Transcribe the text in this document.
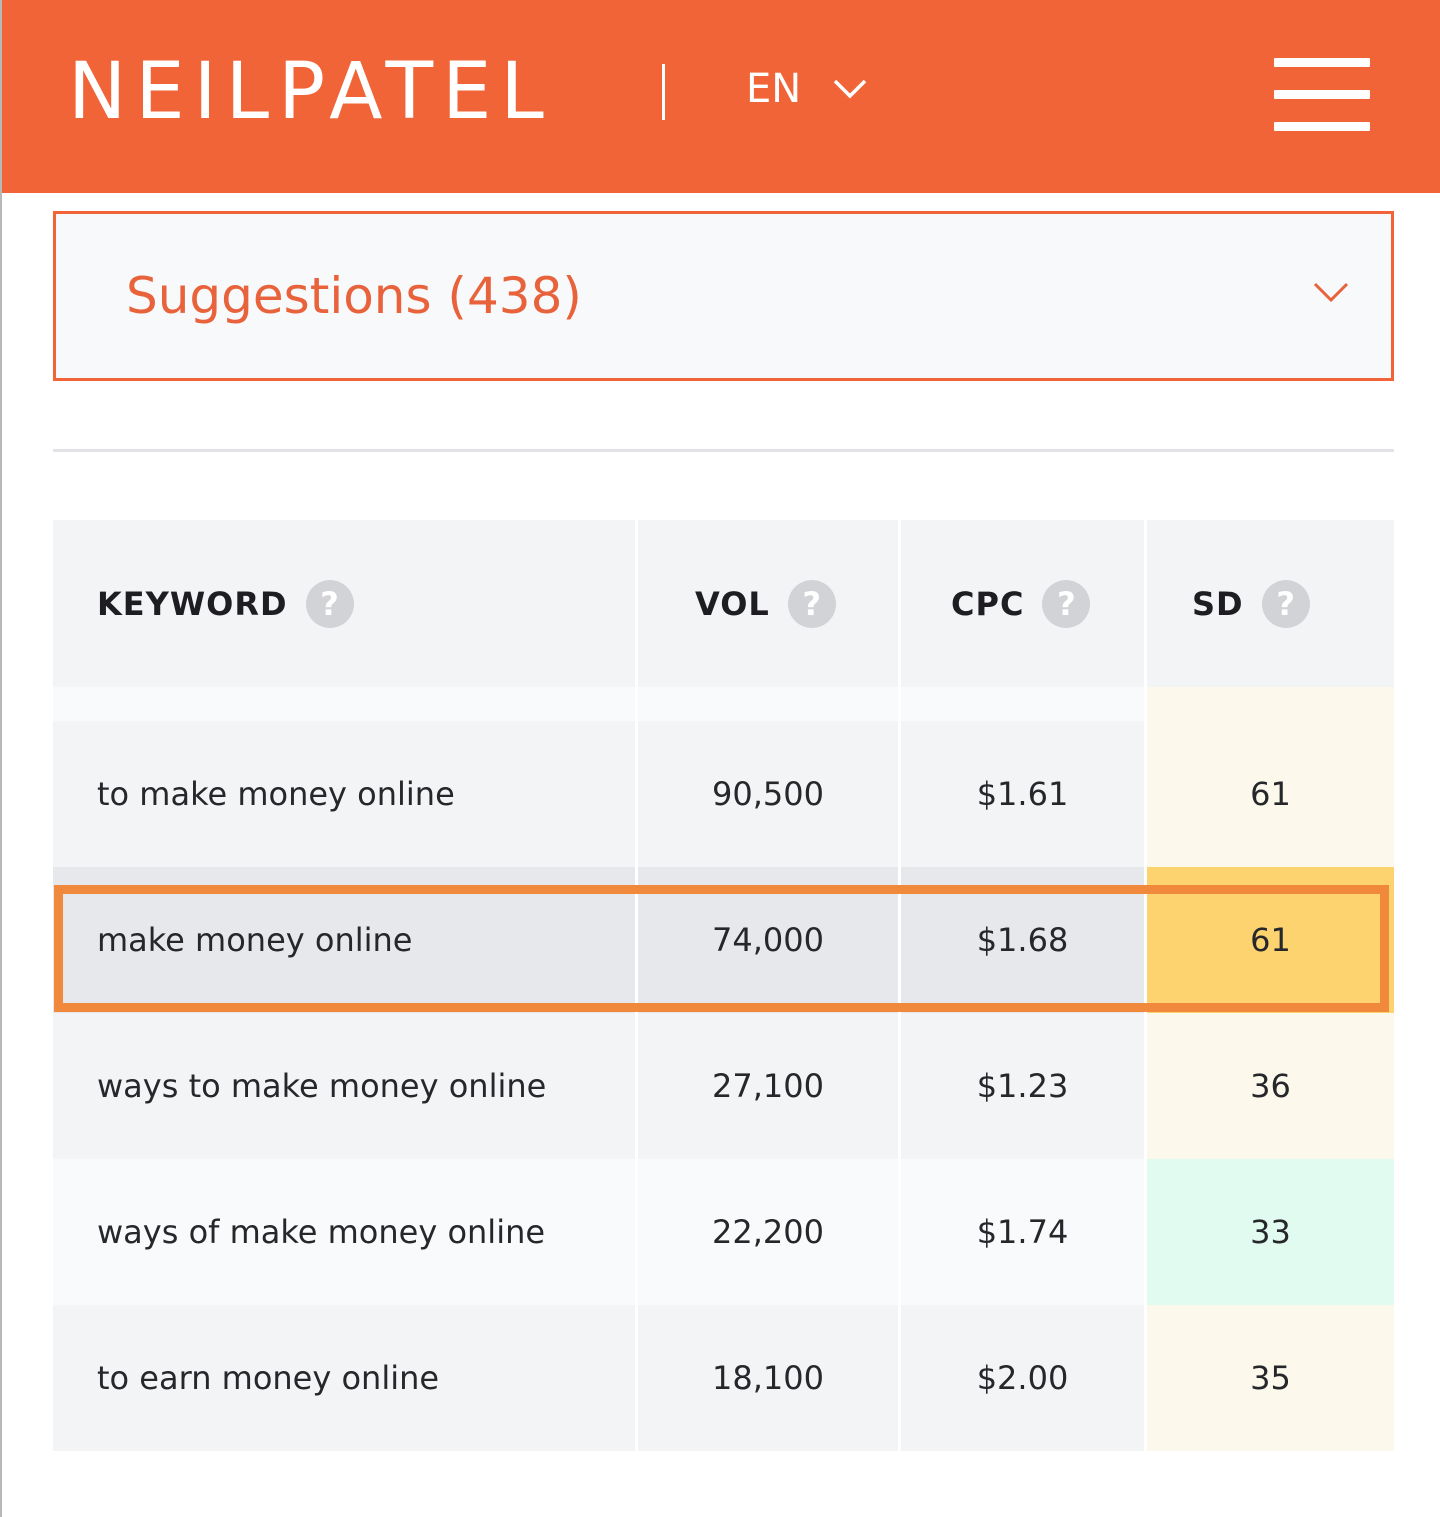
NEILPATEL	EN
Suggestions (438)
KEYWORD	?	VOL	?	CPC	?	SD	?
to make money online	90,500	$1.61	61
make money online	74,000	$1.68	61
ways to make money online	27,100	$1.23	36
ways of make money online	22,200	$1.74	33
to earn money online	18,100	$2.00	35
